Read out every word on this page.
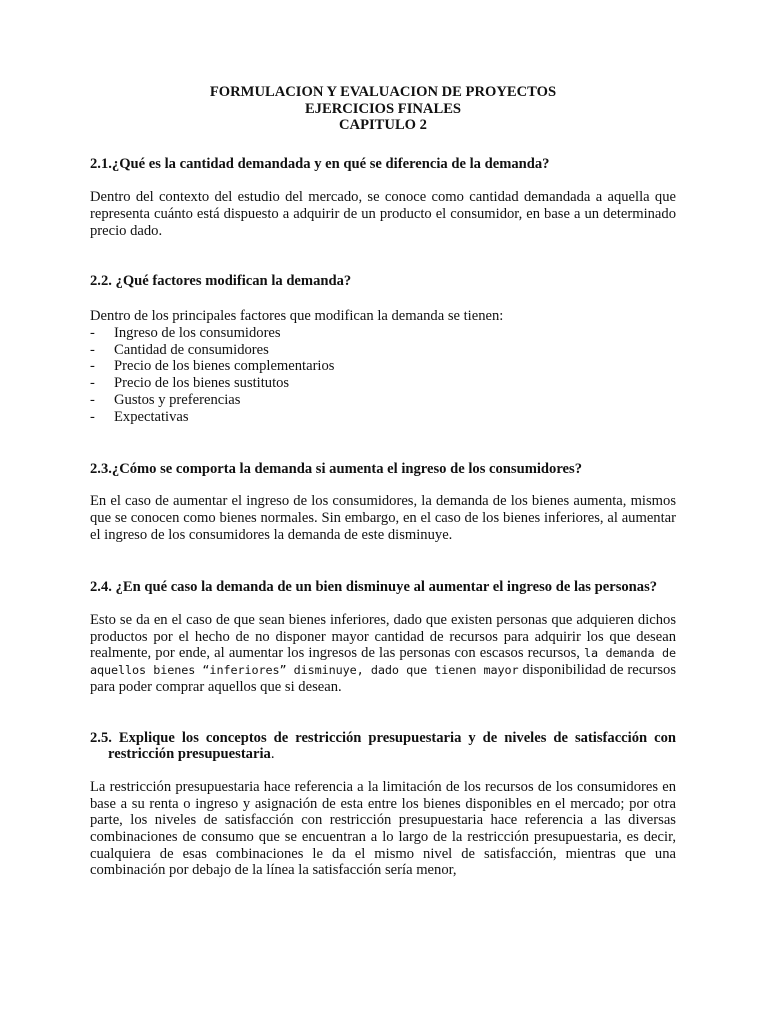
FORMULACION Y EVALUACION DE PROYECTOS
EJERCICIOS FINALES
CAPITULO 2

2.1.¿Qué es la cantidad demandada y en qué se diferencia de la demanda?

Dentro del contexto del estudio del mercado, se conoce como cantidad demandada a aquella que representa cuánto está dispuesto a adquirir de un producto el consumidor, en base a un determinado precio dado.

2.2. ¿Qué factores modifican la demanda?

Dentro de los principales factores que modifican la demanda se tienen:

- Ingreso de los consumidores
- Cantidad de consumidores
- Precio de los bienes complementarios
- Precio de los bienes sustitutos
- Gustos y preferencias
- Expectativas

2.3.¿Cómo se comporta la demanda si aumenta el ingreso de los consumidores?

En el caso de aumentar el ingreso de los consumidores, la demanda de los bienes aumenta, mismos que se conocen como bienes normales. Sin embargo, en el caso de los bienes inferiores, al aumentar el ingreso de los consumidores la demanda de este disminuye.

2.4. ¿En qué caso la demanda de un bien disminuye al aumentar el ingreso de las personas?

Esto se da en el caso de que sean bienes inferiores, dado que existen personas que adquieren dichos productos por el hecho de no disponer mayor cantidad de recursos para adquirir los que desean realmente, por ende, al aumentar los ingresos de las personas con escasos recursos, la demanda de aquellos bienes “inferiores” disminuye, dado que tienen mayor disponibilidad de recursos para poder comprar aquellos que si desean.

2.5. Explique los conceptos de restricción presupuestaria y de niveles de satisfacción con restricción presupuestaria.

La restricción presupuestaria hace referencia a la limitación de los recursos de los consumidores en base a su renta o ingreso y asignación de esta entre los bienes disponibles en el mercado; por otra parte, los niveles de satisfacción con restricción presupuestaria hace referencia a las diversas combinaciones de consumo que se encuentran a lo largo de la restricción presupuestaria, es decir, cualquiera de esas combinaciones le da el mismo nivel de satisfacción, mientras que una combinación por debajo de la línea la satisfacción sería menor,
